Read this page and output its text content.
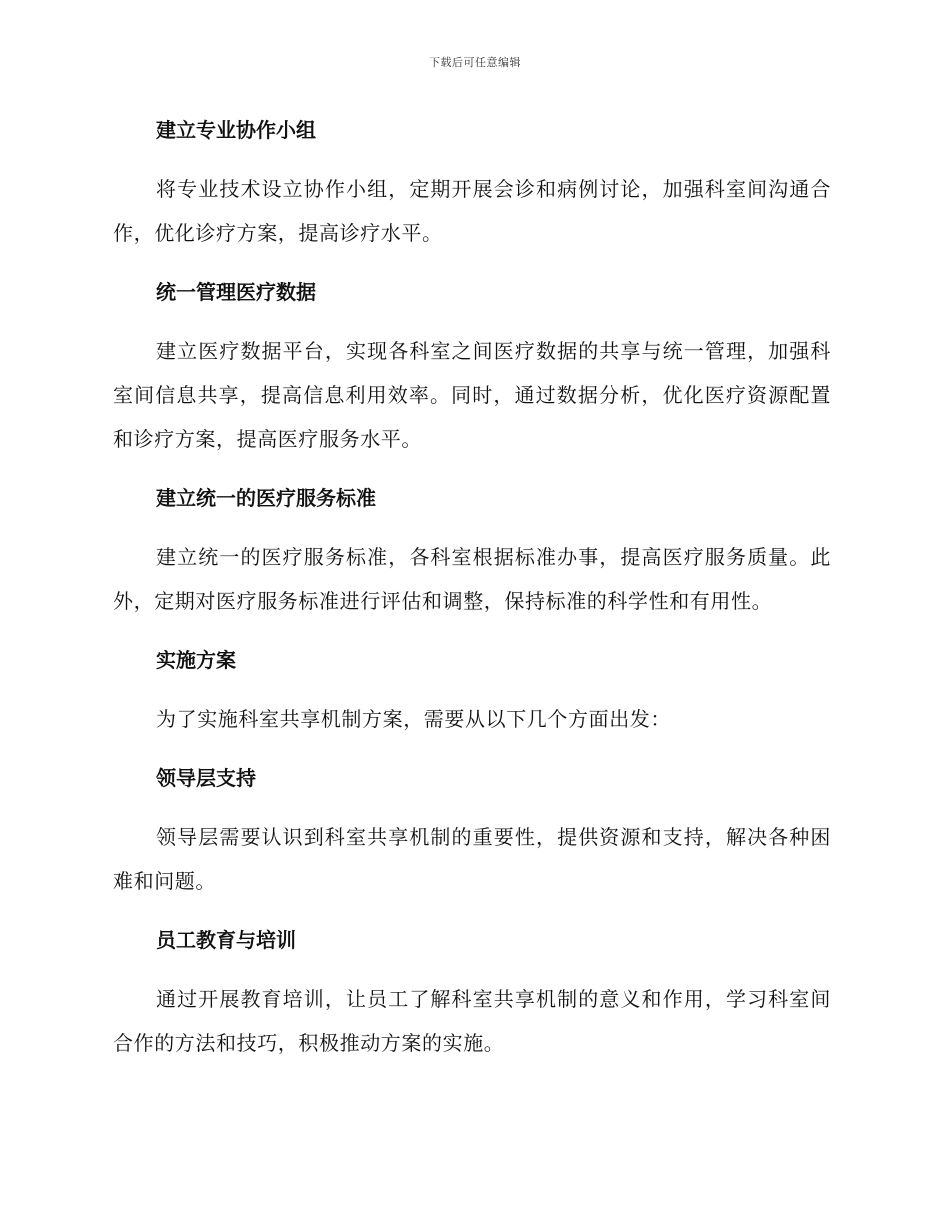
下载后可任意编辑
建立专业协作小组

将专业技术设立协作小组，定期开展会诊和病例讨论，加强科室间沟通合作，优化诊疗方案，提高诊疗水平。

统一管理医疗数据

建立医疗数据平台，实现各科室之间医疗数据的共享与统一管理，加强科室间信息共享，提高信息利用效率。同时，通过数据分析，优化医疗资源配置和诊疗方案，提高医疗服务水平。

建立统一的医疗服务标准

建立统一的医疗服务标准，各科室根据标准办事，提高医疗服务质量。此外，定期对医疗服务标准进行评估和调整，保持标准的科学性和有用性。

实施方案

为了实施科室共享机制方案，需要从以下几个方面出发：

领导层支持

领导层需要认识到科室共享机制的重要性，提供资源和支持，解决各种困难和问题。

员工教育与培训

通过开展教育培训，让员工了解科室共享机制的意义和作用，学习科室间合作的方法和技巧，积极推动方案的实施。
